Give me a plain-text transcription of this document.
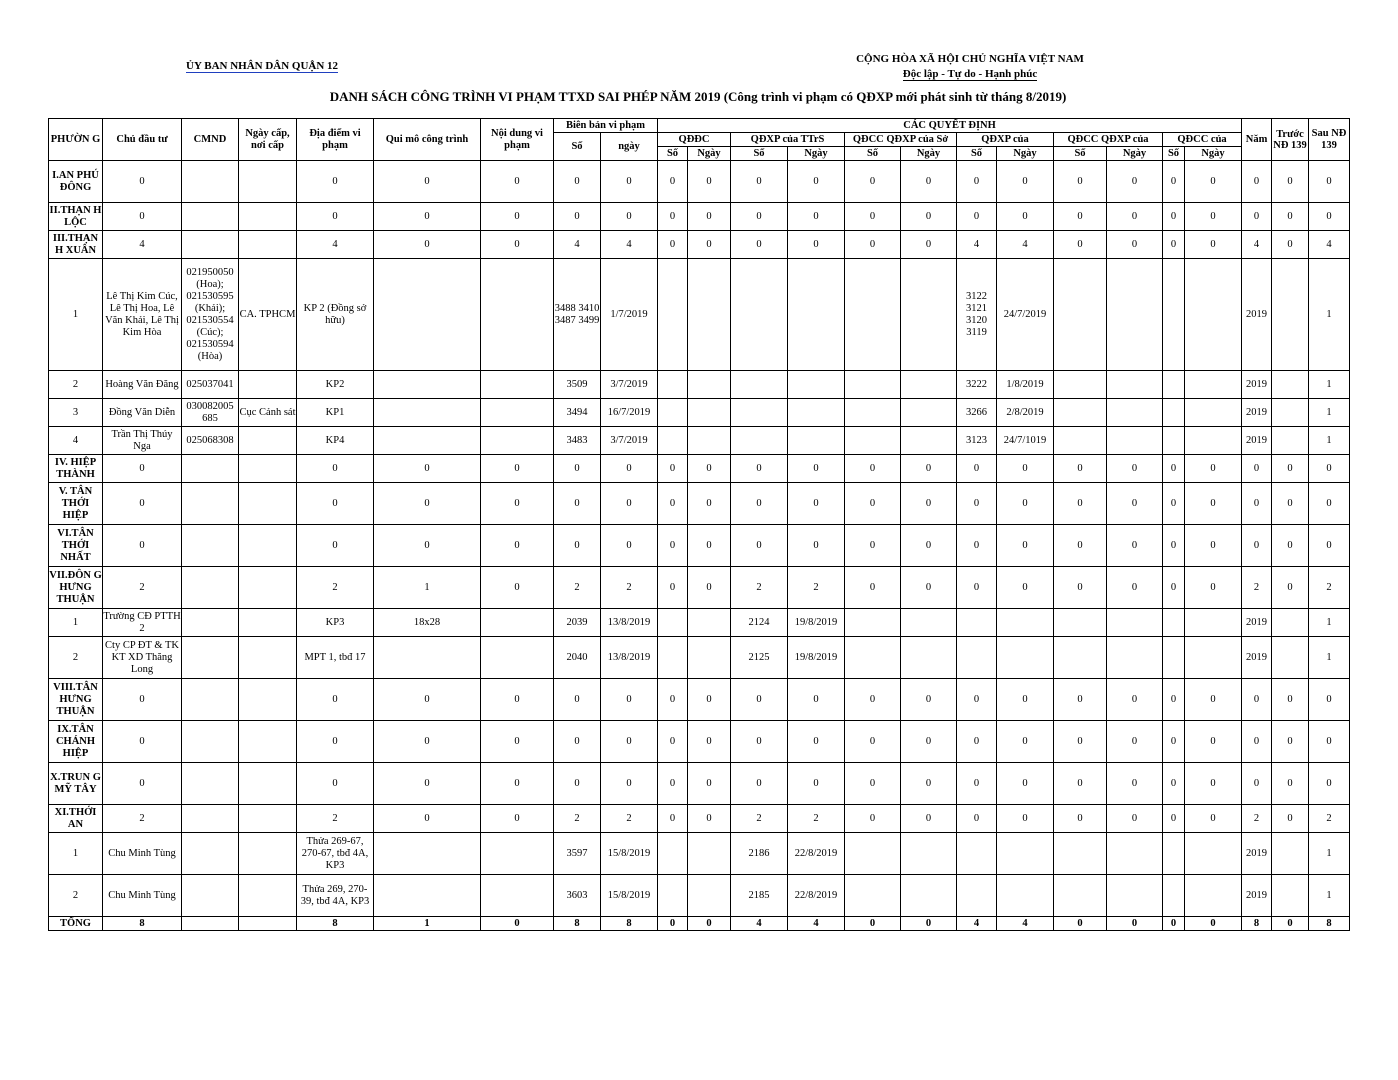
ỦY BAN NHÂN DÂN QUẬN 12
CỘNG HÒA XÃ HỘI CHỦ NGHĨA VIỆT NAM
Độc lập - Tự do - Hạnh phúc
DANH SÁCH CÔNG TRÌNH VI PHẠM TTXD SAI PHÉP NĂM 2019 (Công trình vi phạm có QĐXP mới phát sinh từ tháng 8/2019)
PHƯỜN G	Chủ đầu tư	CMND	Ngày cấp, nơi cấp	Địa điểm vi phạm	Qui mô công trình	Nội dung vi phạm	Biên bản vi phạm		CÁC QUYẾT ĐỊNH												Năm	Trước NĐ 139	Sau NĐ 139
							Số	ngày	QĐĐC		QĐXP của TTrS		QĐCC QĐXP của Sở		QĐXP của		QĐCC QĐXP của		QĐCC của				
									Số	Ngày	Số	Ngày	Số	Ngày	Số	Ngày	Số	Ngày	Số	Ngày			
I.AN PHÚ ĐÔNG	0			0	0	0	0	0	0	0	0	0	0	0	0	0	0	0	0	0	0	0	0
II.THẠN H LỘC	0			0	0	0	0	0	0	0	0	0	0	0	0	0	0	0	0	0	0	0	0
III.THẠN H XUÂN	4			4	0	0	4	4	0	0	0	0	0	0	4	4	0	0	0	0	4	0	4
1	Lê Thị Kim Cúc, Lê Thị Hoa, Lê Văn Khải, Lê Thị Kim Hòa	021950050 (Hoa); 021530595 (Khải); 021530554 (Cúc); 021530594 (Hòa)	CA. TPHCM	KP 2 (Đồng sở hữu)			3488 3410 3487 3499	1/7/2019							3122 3121 3120 3119	24/7/2019					2019		1
2	Hoàng Văn Đăng	025037041		KP2			3509	3/7/2019							3222	1/8/2019					2019		1
3	Đồng Văn Diễn	030082005 685	Cục Cảnh sát	KP1			3494	16/7/2019							3266	2/8/2019					2019		1
4	Trần Thị Thúy Nga	025068308		KP4			3483	3/7/2019							3123	24/7/1019					2019		1
IV. HIỆP THÀNH	0			0	0	0	0	0	0	0	0	0	0	0	0	0	0	0	0	0	0	0	0
V. TÂN THỚI HIỆP	0			0	0	0	0	0	0	0	0	0	0	0	0	0	0	0	0	0	0	0	0
VI.TÂN THỚI NHẤT	0			0	0	0	0	0	0	0	0	0	0	0	0	0	0	0	0	0	0	0	0
VII.ĐÔN G HƯNG THUẬN	2			2	1	0	2	2	0	0	2	2	0	0	0	0	0	0	0	0	2	0	2
1	Trường CĐ PTTH 2			KP3	18x28		2039	13/8/2019			2124	19/8/2019									2019		1
2	Cty CP ĐT & TK KT XD Thăng Long			MPT 1, tbđ 17			2040	13/8/2019			2125	19/8/2019									2019		1
VIII.TÂN HƯNG THUẬN	0			0	0	0	0	0	0	0	0	0	0	0	0	0	0	0	0	0	0	0	0
IX.TÂN CHÁNH HIỆP	0			0	0	0	0	0	0	0	0	0	0	0	0	0	0	0	0	0	0	0	0
X.TRUN G MỸ TÂY	0			0	0	0	0	0	0	0	0	0	0	0	0	0	0	0	0	0	0	0	0
XI.THỚI AN	2			2	0	0	2	2	0	0	2	2	0	0	0	0	0	0	0	0	2	0	2
1	Chu Minh Tùng			Thửa 269-67, 270-67, tbđ 4A, KP3			3597	15/8/2019			2186	22/8/2019									2019		1
2	Chu Minh Tùng			Thửa 269, 270-39, tbđ 4A, KP3			3603	15/8/2019			2185	22/8/2019									2019		1
TỔNG	8			8	1	0	8	8	0	0	4	4	0	0	4	4	0	0	0	0	8	0	8
